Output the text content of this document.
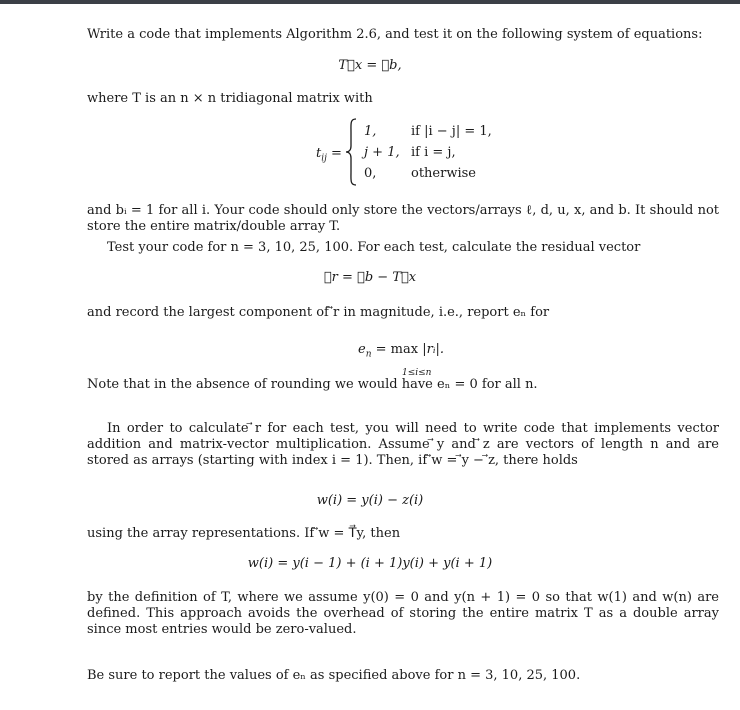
Write a code that implements Algorithm 2.6, and test it on the following system of equations:
T⃗x = ⃗b,
where T is an n × n tridiagonal matrix with
$t_{ij}$ =
1,	if |i − j| = 1,
j + 1, if i = j,
0,	otherwise
and bᵢ = 1 for all i. Your code should only store the vectors/arrays ℓ, d, u, x, and b. It should not store the entire matrix/double array T.
Test your code for n = 3, 10, 25, 100. For each test, calculate the residual vector
⃗r = ⃗b − T⃗x
and record the largest component of ⃗r in magnitude, i.e., report eₙ for
$e_n = \max$ |rᵢ|.
1≤i≤n
Note that in the absence of rounding we would have eₙ = 0 for all n.
In order to calculate ⃗r for each test, you will need to write code that implements vector addition and matrix-vector multiplication. Assume ⃗y and ⃗z are vectors of length n and are stored as arrays (starting with index i = 1). Then, if ⃗w = ⃗y − ⃗z, there holds
w(i) = y(i) − z(i)
using the array representations. If ⃗w = T⃗y, then
w(i) = y(i − 1) + (i + 1)y(i) + y(i + 1)
by the definition of T, where we assume y(0) = 0 and y(n + 1) = 0 so that w(1) and w(n) are defined. This approach avoids the overhead of storing the entire matrix T as a double array since most entries would be zero-valued.
Be sure to report the values of eₙ as specified above for n = 3, 10, 25, 100.
